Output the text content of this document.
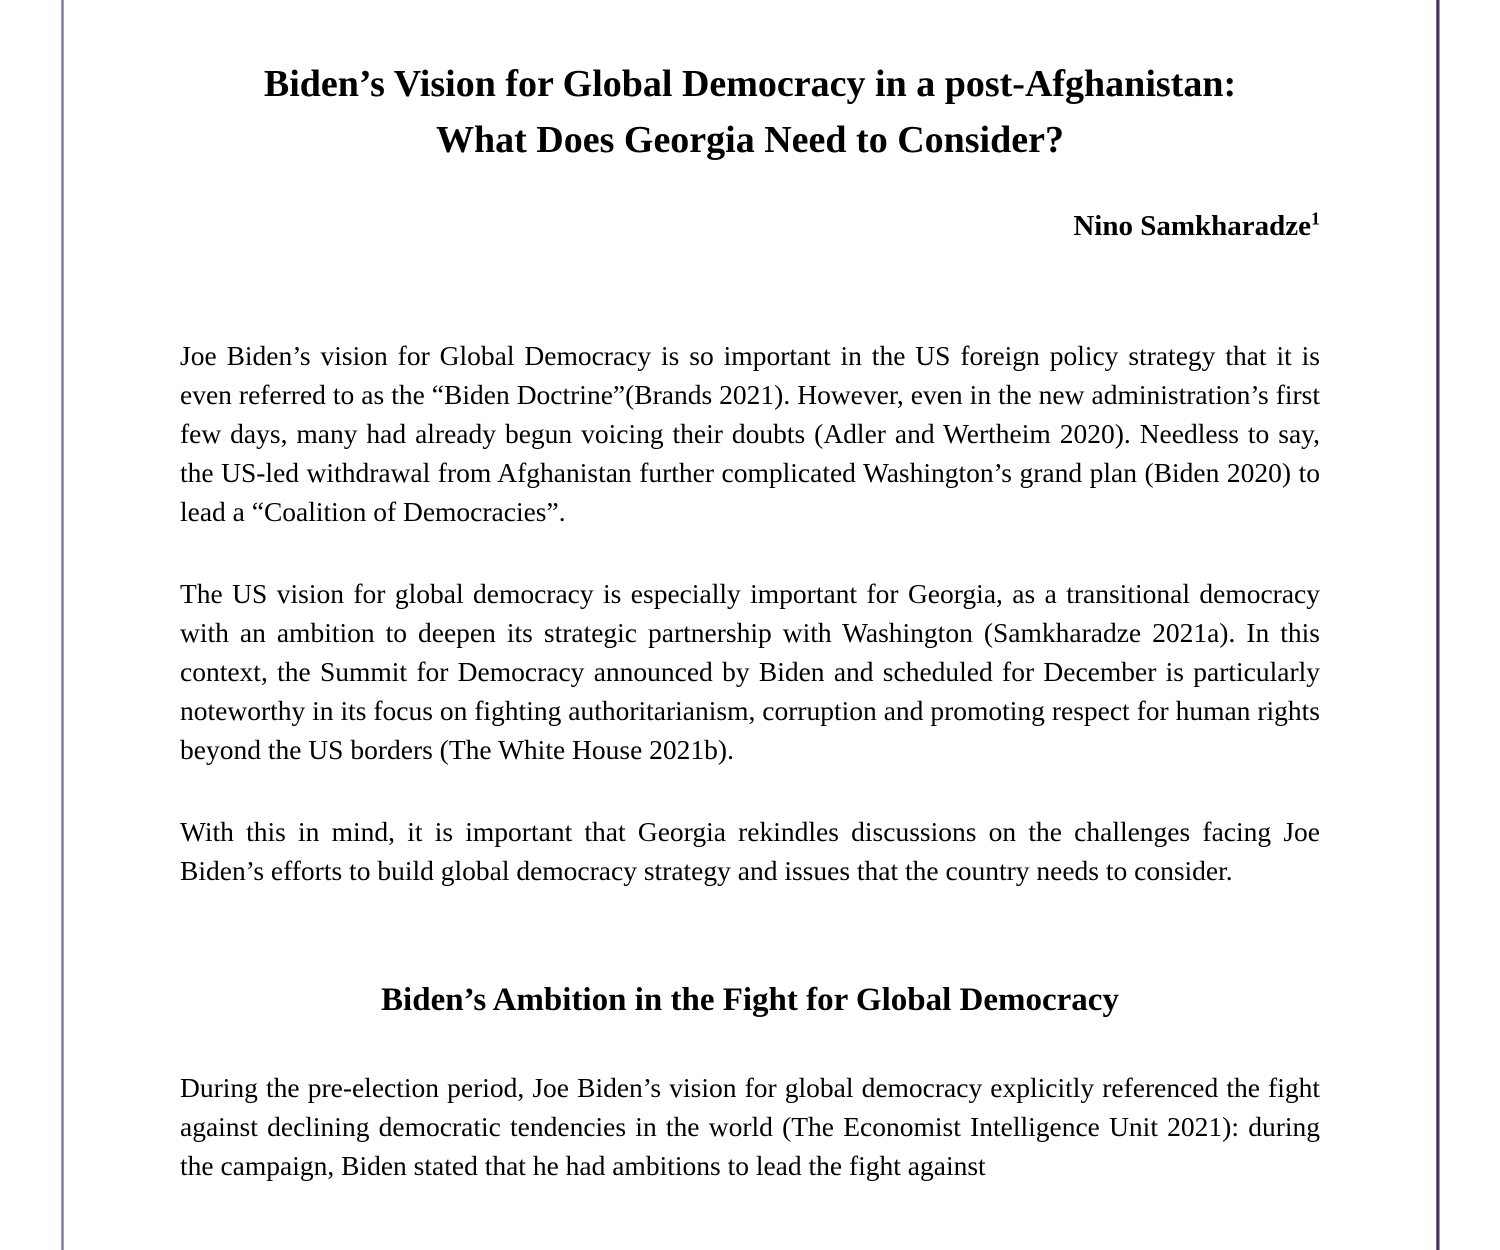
Biden’s Vision for Global Democracy in a post-Afghanistan:
What Does Georgia Need to Consider?
Nino Samkharadze$^1$

Joe Biden’s vision for Global Democracy is so important in the US foreign policy strategy that it is even referred to as the “Biden Doctrine”(Brands 2021). However, even in the new administration’s first few days, many had already begun voicing their doubts (Adler and Wertheim 2020). Needless to say, the US-led withdrawal from Afghanistan further complicated Washington’s grand plan (Biden 2020) to lead a “Coalition of Democracies”.

The US vision for global democracy is especially important for Georgia, as a transitional democracy with an ambition to deepen its strategic partnership with Washington (Samkharadze 2021a). In this context, the Summit for Democracy announced by Biden and scheduled for December is particularly noteworthy in its focus on fighting authoritarianism, corruption and promoting respect for human rights beyond the US borders (The White House 2021b).

With this in mind, it is important that Georgia rekindles discussions on the challenges facing Joe Biden’s efforts to build global democracy strategy and issues that the country needs to consider.

Biden’s Ambition in the Fight for Global Democracy

During the pre-election period, Joe Biden’s vision for global democracy explicitly referenced the fight against declining democratic tendencies in the world (The Economist Intelligence Unit 2021): during the campaign, Biden stated that he had ambitions to lead the fight against
